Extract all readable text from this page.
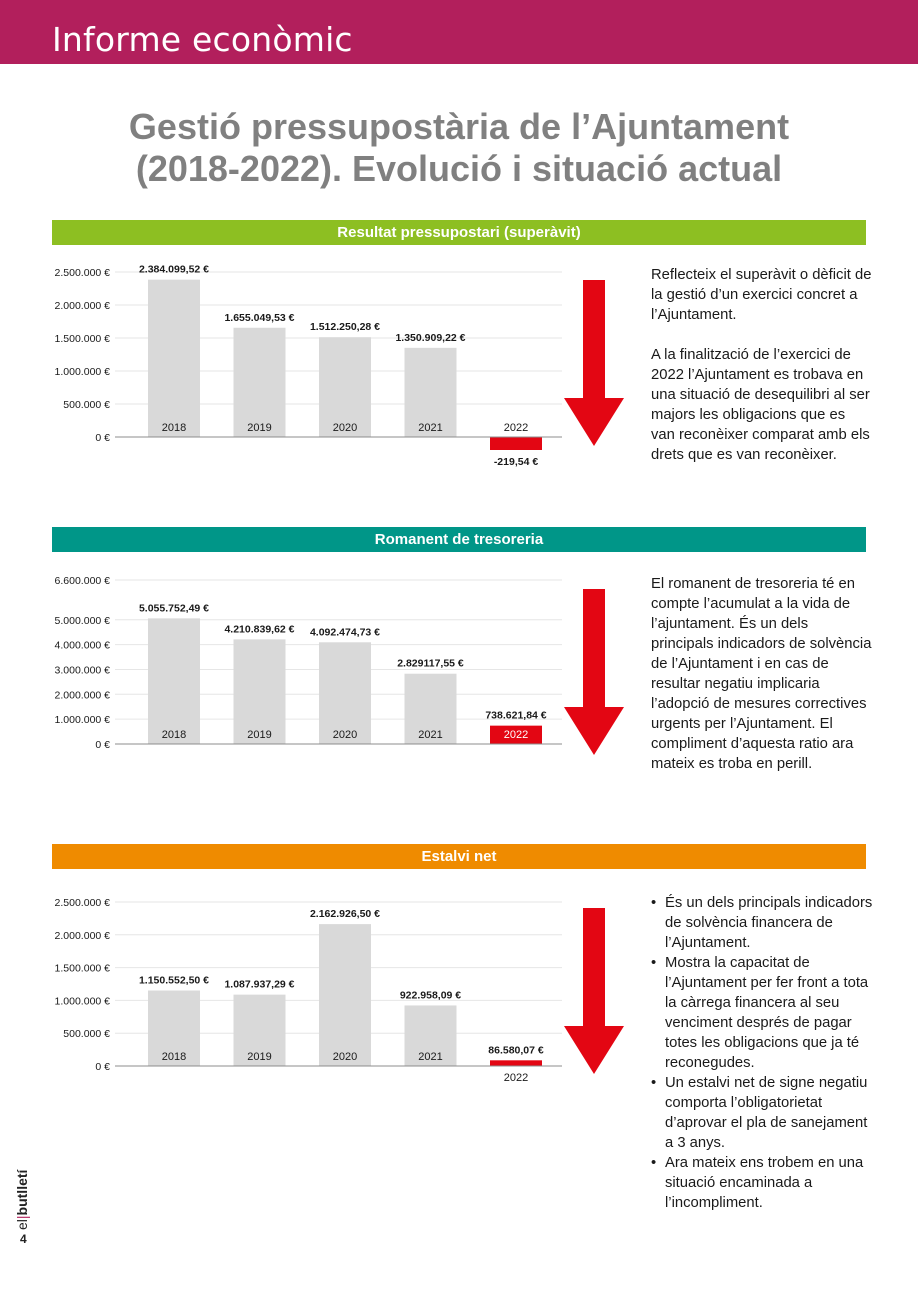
Informe econòmic
Gestió pressupostària de l’Ajuntament
(2018-2022). Evolució i situació actual
Resultat pressupostari (superàvit)
0 €
500.000 €
1.000.000 €
1.500.000 €
2.000.000 €
2.500.000 €	2.384.099,52 €
2018
1.655.049,53 €
2019
1.512.250,28 €
2020
1.350.909,22 €
2021
-219,54 €
2022

Reflecteix el superàvit o dèficit de la gestió d’un exercici concret a l’Ajuntament.

A la finalització de l’exercici de 2022 l’Ajuntament es trobava en una situació de desequilibri al ser majors les obligacions que es van reconèixer comparat amb els drets que es van reconèixer.

Romanent de tresoreria
0 €
1.000.000 €
2.000.000 €
3.000.000 €
4.000.000 €
5.000.000 €
6.600.000 €
5.055.752,49 €
2018
4.210.839,62 €
2019
4.092.474,73 €
2020
2.829117,55 €
2021
738.621,84 €
2022

El romanent de tresoreria té en compte l’acumulat a la vida de l’ajuntament. És un dels principals indicadors de solvència de l’Ajuntament i en cas de resultar negatiu implicaria l’adopció de mesures correctives urgents per l’Ajuntament. El compliment d’aquesta ratio ara mateix es troba en perill.

Estalvi net
0 €
500.000 €
1.000.000 €
1.500.000 €
2.000.000 €
2.500.000 €
1.150.552,50 €
2018
1.087.937,29 €
2019
2.162.926,50 €
2020
922.958,09 €
2021
86.580,07 €
2022
• És un dels principals indicadors de solvència financera de l’Ajuntament.
• Mostra la capacitat de l’Ajuntament per fer front a tota la càrrega financera al seu venciment després de pagar totes les obligacions que ja té reconegudes.
• Un estalvi net de signe negatiu comporta l’obligatorietat d’aprovar el pla de sanejament a 3 anys.
• Ara mateix ens trobem en una situació encaminada a l’incompliment.
el|butlletí
4
